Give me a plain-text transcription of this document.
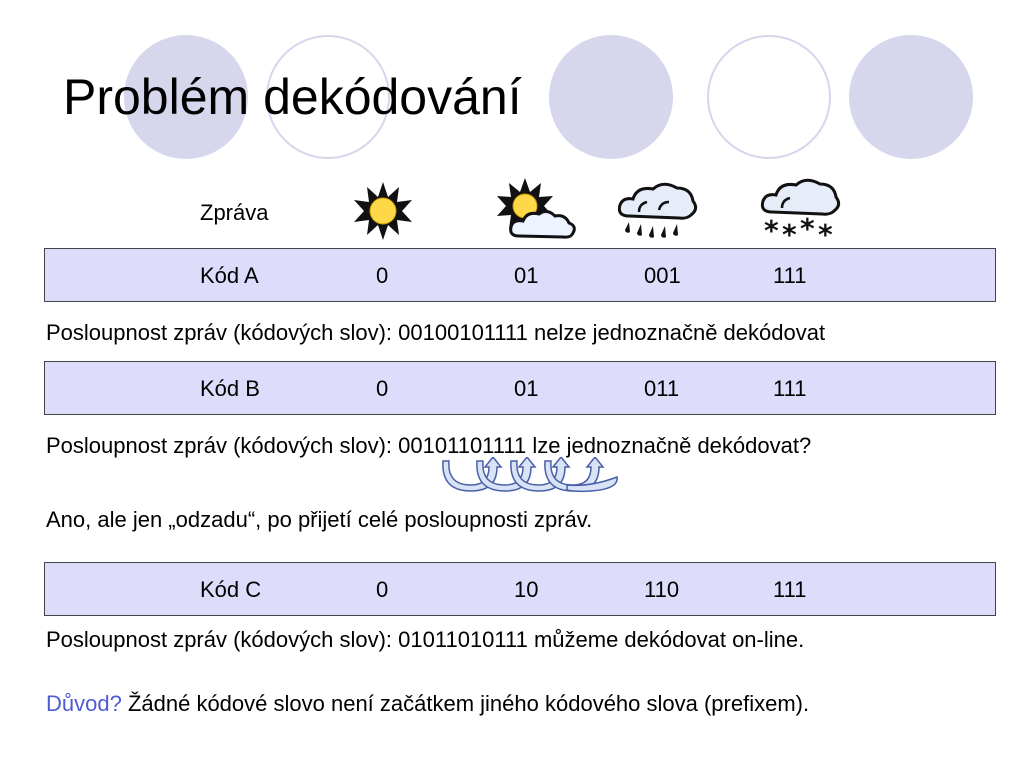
Problém dekódování
Zpráva
* * * *
Kód A	0	01	001	111
Posloupnost zpráv (kódových slov): 00100101111 nelze jednoznačně dekódovat
Kód B	0	01	011	111
Posloupnost zpráv (kódových slov): 00101101111 lze jednoznačně dekódovat?
Ano, ale jen „odzadu“, po přijetí celé posloupnosti zpráv.
Kód C	0	10	110	111
Posloupnost zpráv (kódových slov): 01011010111 můžeme dekódovat on-line.
Důvod? Žádné kódové slovo není začátkem jiného kódového slova (prefixem).
